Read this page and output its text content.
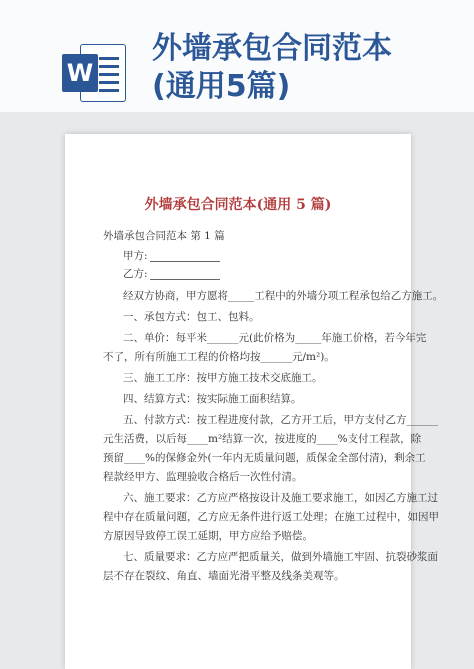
W
外墙承包合同范本
(通用5篇)
外墙承包合同范本(通用 5 篇)
外墙承包合同范本 第 1 篇
甲方:
乙方:
经双方协商，甲方愿将_____工程中的外墙分项工程承包给乙方施工。
一、承包方式：包工、包料。
二、单价：每平米______元(此价格为_____年施工价格，若今年完
不了，所有所施工工程的价格均按______元/m²)。
三、施工工序：按甲方施工技术交底施工。
四、结算方式：按实际施工面积结算。
五、付款方式：按工程进度付款，乙方开工后，甲方支付乙方______
元生活费，以后每____m²结算一次，按进度的____%支付工程款，除
预留____%的保修金外(一年内无质量问题，质保金全部付清)，剩余工
程款经甲方、监理验收合格后一次性付清。
六、施工要求：乙方应严格按设计及施工要求施工，如因乙方施工过
程中存在质量问题，乙方应无条件进行返工处理；在施工过程中，如因甲
方原因导致停工误工延期，甲方应给予赔偿。
七、质量要求：乙方应严把质量关，做到外墙施工牢固、抗裂砂浆面
层不存在裂纹、角直、墙面光滑平整及线条美观等。
